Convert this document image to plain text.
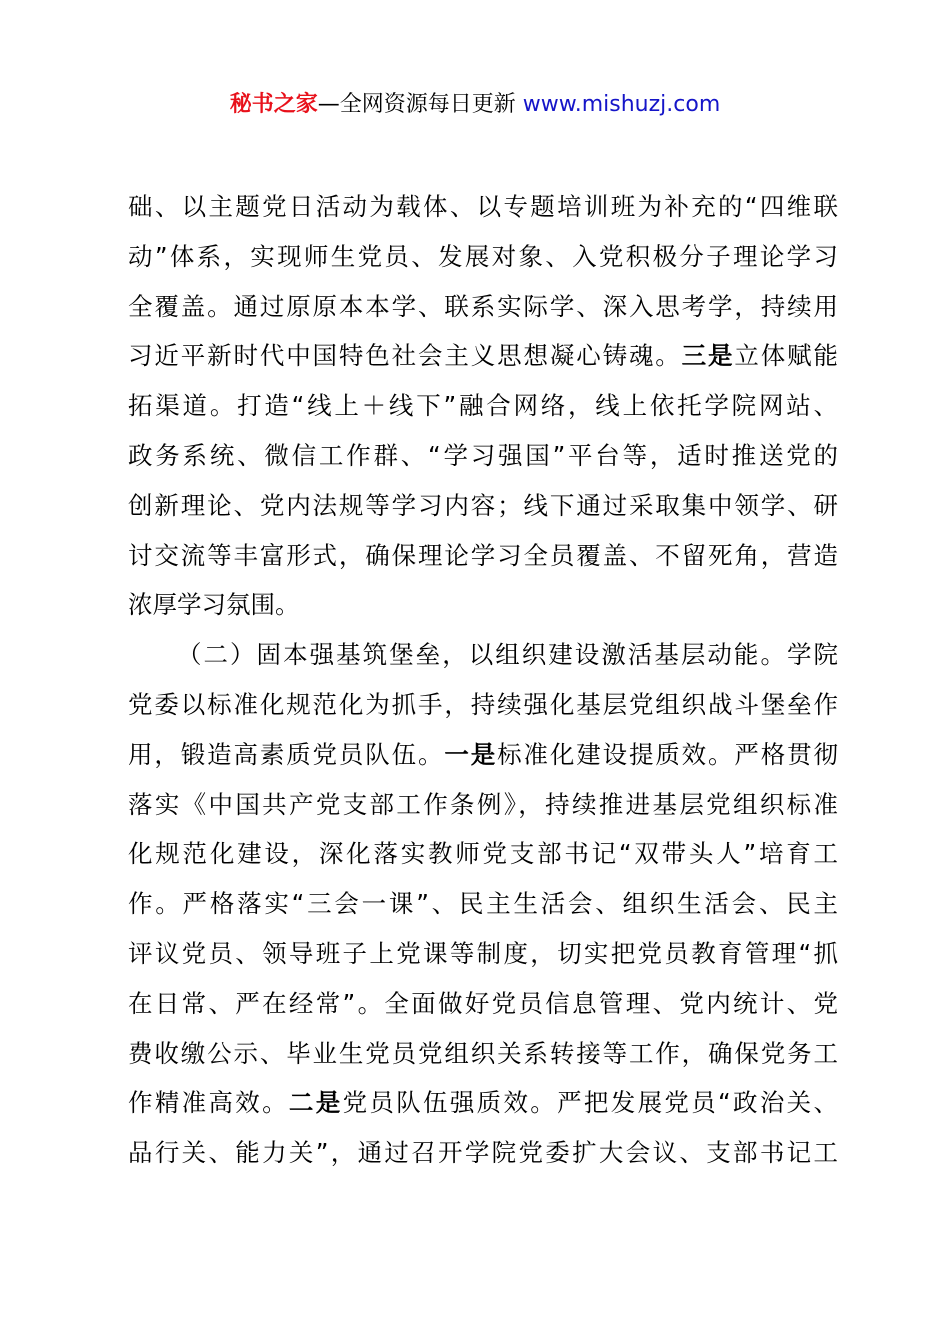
秘书之家—全网资源每日更新 www.mishuzj.com
础、以主题党日活动为载体、以专题培训班为补充的“四维联
动”体系，实现师生党员、发展对象、入党积极分子理论学习
全覆盖。通过原原本本学、联系实际学、深入思考学，持续用
习近平新时代中国特色社会主义思想凝心铸魂。三是立体赋能
拓渠道。打造“线上＋线下”融合网络，线上依托学院网站、
政务系统、微信工作群、“学习强国”平台等，适时推送党的
创新理论、党内法规等学习内容；线下通过采取集中领学、研
讨交流等丰富形式，确保理论学习全员覆盖、不留死角，营造
浓厚学习氛围。
（二）固本强基筑堡垒，以组织建设激活基层动能。学院
党委以标准化规范化为抓手，持续强化基层党组织战斗堡垒作
用，锻造高素质党员队伍。一是标准化建设提质效。严格贯彻
落实《中国共产党支部工作条例》，持续推进基层党组织标准
化规范化建设，深化落实教师党支部书记“双带头人”培育工
作。严格落实“三会一课”、民主生活会、组织生活会、民主
评议党员、领导班子上党课等制度，切实把党员教育管理“抓
在日常、严在经常”。全面做好党员信息管理、党内统计、党
费收缴公示、毕业生党员党组织关系转接等工作，确保党务工
作精准高效。二是党员队伍强质效。严把发展党员“政治关、
品行关、能力关”，通过召开学院党委扩大会议、支部书记工
